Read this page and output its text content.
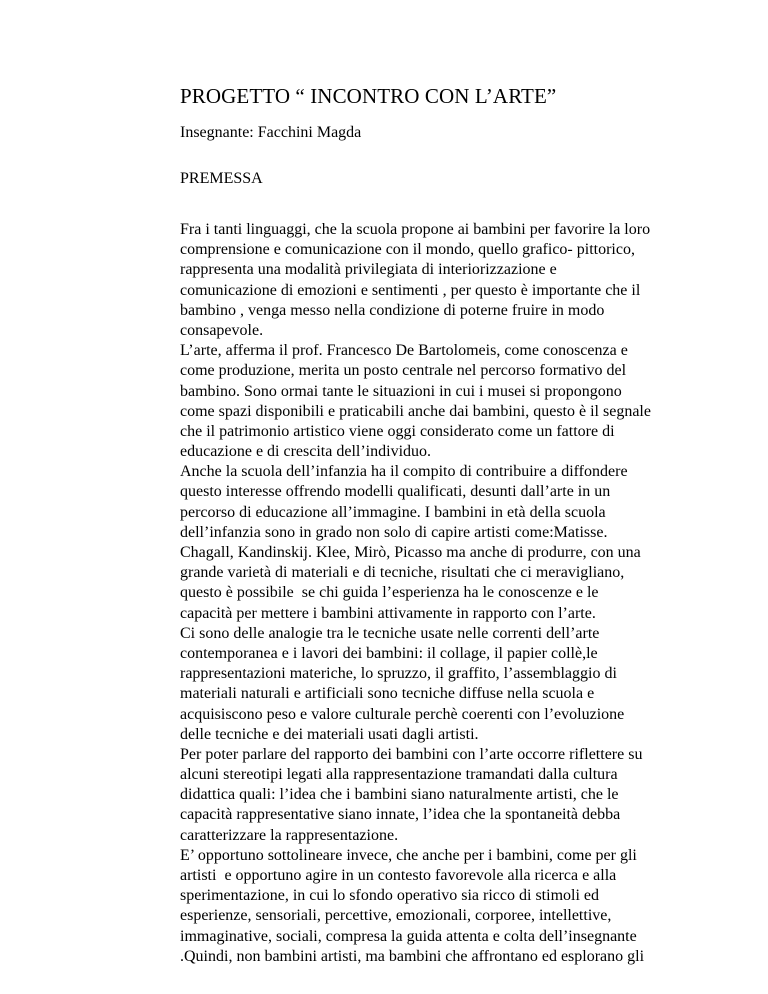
PROGETTO “ INCONTRO CON L’ARTE”
Insegnante: Facchini Magda
PREMESSA
Fra i tanti linguaggi, che la scuola propone ai bambini per favorire la loro
comprensione e comunicazione con il mondo, quello grafico- pittorico,
rappresenta una modalità privilegiata di interiorizzazione e
comunicazione di emozioni e sentimenti , per questo è importante che il
bambino , venga messo nella condizione di poterne fruire in modo
consapevole.
L’arte, afferma il prof. Francesco De Bartolomeis, come conoscenza e
come produzione, merita un posto centrale nel percorso formativo del
bambino. Sono ormai tante le situazioni in cui i musei si propongono
come spazi disponibili e praticabili anche dai bambini, questo è il segnale
che il patrimonio artistico viene oggi considerato come un fattore di
educazione e di crescita dell’individuo.
Anche la scuola dell’infanzia ha il compito di contribuire a diffondere
questo interesse offrendo modelli qualificati, desunti dall’arte in un
percorso di educazione all’immagine. I bambini in età della scuola
dell’infanzia sono in grado non solo di capire artisti come:Matisse.
Chagall, Kandinskij. Klee, Mirò, Picasso ma anche di produrre, con una
grande varietà di materiali e di tecniche, risultati che ci meravigliano,
questo è possibile  se chi guida l’esperienza ha le conoscenze e le
capacità per mettere i bambini attivamente in rapporto con l’arte.
Ci sono delle analogie tra le tecniche usate nelle correnti dell’arte
contemporanea e i lavori dei bambini: il collage, il papier collè,le
rappresentazioni materiche, lo spruzzo, il graffito, l’assemblaggio di
materiali naturali e artificiali sono tecniche diffuse nella scuola e
acquisiscono peso e valore culturale perchè coerenti con l’evoluzione
delle tecniche e dei materiali usati dagli artisti.
Per poter parlare del rapporto dei bambini con l’arte occorre riflettere su
alcuni stereotipi legati alla rappresentazione tramandati dalla cultura
didattica quali: l’idea che i bambini siano naturalmente artisti, che le
capacità rappresentative siano innate, l’idea che la spontaneità debba
caratterizzare la rappresentazione.
E’ opportuno sottolineare invece, che anche per i bambini, come per gli
artisti  e opportuno agire in un contesto favorevole alla ricerca e alla
sperimentazione, in cui lo sfondo operativo sia ricco di stimoli ed
esperienze, sensoriali, percettive, emozionali, corporee, intellettive,
immaginative, sociali, compresa la guida attenta e colta dell’insegnante
.Quindi, non bambini artisti, ma bambini che affrontano ed esplorano gli
